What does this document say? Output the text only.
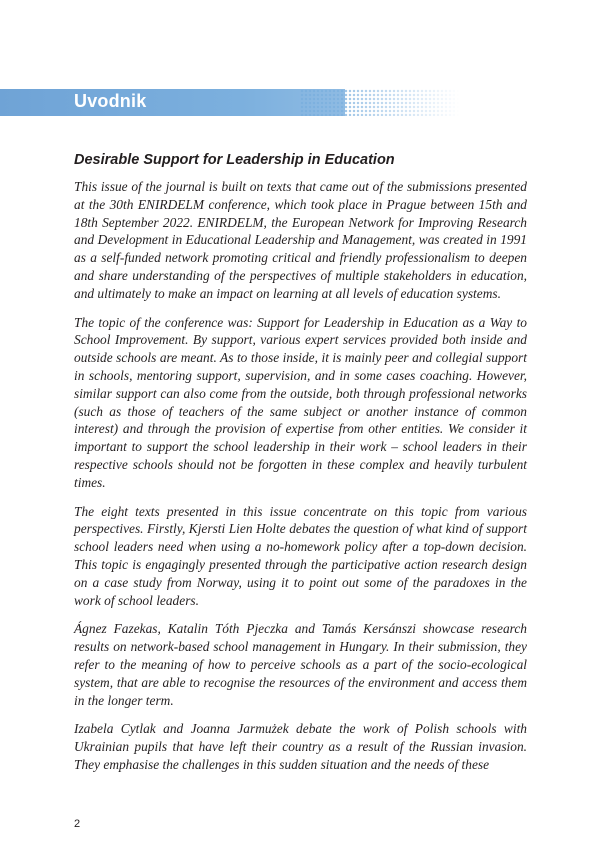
Uvodnik
Desirable Support for Leadership in Education

This issue of the journal is built on texts that came out of the submissions presented at the 30th ENIRDELM conference, which took place in Prague between 15th and 18th September 2022. ENIRDELM, the European Network for Improving Research and Development in Educational Leadership and Management, was created in 1991 as a self-funded network promoting critical and friendly professionalism to deepen and share understanding of the perspectives of multiple stakeholders in education, and ultimately to make an impact on learning at all levels of education systems.

The topic of the conference was: Support for Leadership in Education as a Way to School Improvement. By support, various expert services provided both inside and outside schools are meant. As to those inside, it is mainly peer and collegial support in schools, mentoring support, supervision, and in some cases coaching. However, similar support can also come from the outside, both through professional networks (such as those of teachers of the same subject or another instance of common interest) and through the provision of expertise from other entities. We consider it important to support the school leadership in their work – school leaders in their respective schools should not be forgotten in these complex and heavily turbulent times.

The eight texts presented in this issue concentrate on this topic from various perspectives. Firstly, Kjersti Lien Holte debates the question of what kind of support school leaders need when using a no-homework policy after a top-down decision. This topic is engagingly presented through the participative action research design on a case study from Norway, using it to point out some of the paradoxes in the work of school leaders.

Ágnez Fazekas, Katalin Tóth Pjeczka and Tamás Kersánszi showcase research results on network-based school management in Hungary. In their submission, they refer to the meaning of how to perceive schools as a part of the socio-ecological system, that are able to recognise the resources of the environment and access them in the longer term.

Izabela Cytlak and Joanna Jarmużek debate the work of Polish schools with Ukrainian pupils that have left their country as a result of the Russian invasion. They emphasise the challenges in this sudden situation and the needs of these

2
